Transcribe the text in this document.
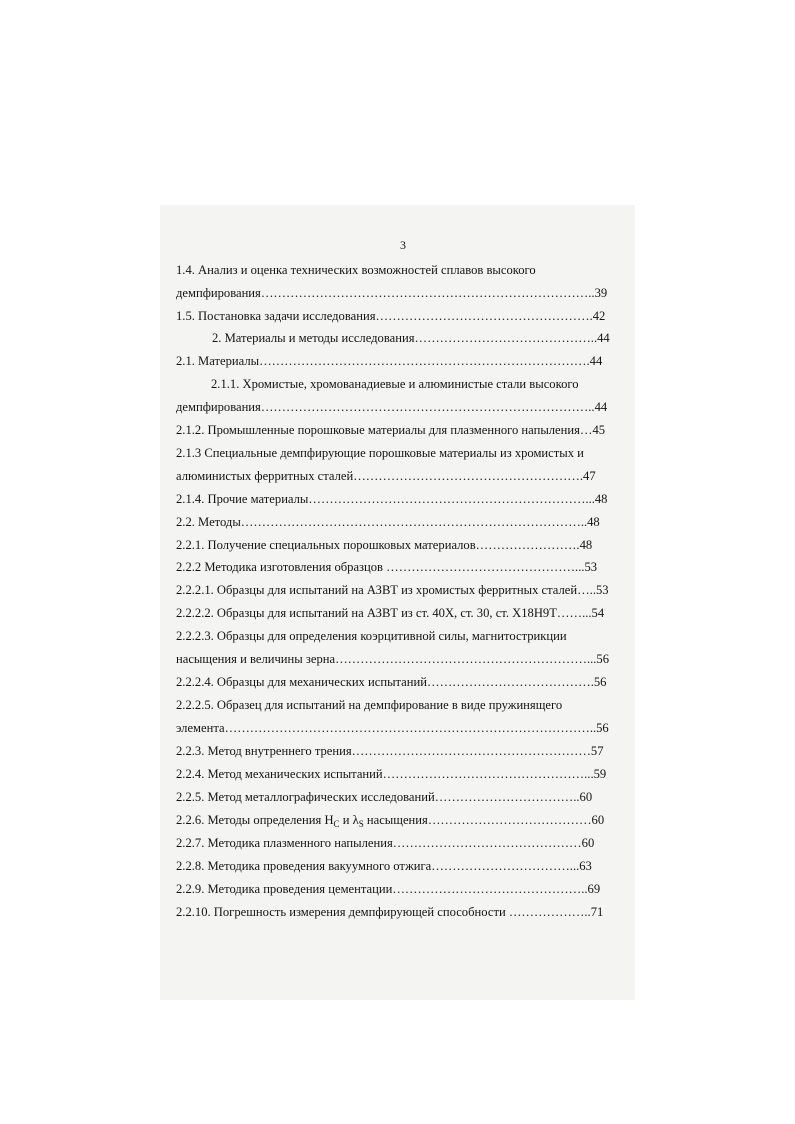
3
1.4. Анализ и оценка технических возможностей сплавов высокого
демпфирования……………………………………………………………………..39
1.5. Постановка задачи исследования…………………………………………….42
2. Материалы и методы исследования……………………………………..44
2.1. Материалы…………………………………………………………………….44
2.1.1. Хромистые, хромованадиевые и алюминистые стали высокого
демпфирования……………………………………………………………………..44
2.1.2. Промышленные порошковые материалы для плазменного напыления…45
2.1.3 Специальные демпфирующие порошковые материалы из хромистых и
алюминистых ферритных сталей……………………………………………….47
2.1.4. Прочие материалы…………………………………………………………...48
2.2. Методы………………………………………………………………………..48
2.2.1. Получение специальных порошковых материалов…………………….48
2.2.2 Методика изготовления образцов ………………………………………...53
2.2.2.1. Образцы для испытаний на АЗВТ из хромистых ферритных сталей…..53
2.2.2.2. Образцы для испытаний на АЗВТ из ст. 40Х, ст. 30, ст. Х18Н9Т……...54
2.2.2.3. Образцы для определения коэрцитивной силы, магнитострикции
насыщения и величины зерна……………………………………………………...56
2.2.2.4. Образцы для механических испытаний………………………………….56
2.2.2.5. Образец для испытаний на демпфирование в виде пружинящего
элемента……………………………………………………………………………..56
2.2.3. Метод внутреннего трения…………………………………………………57
2.2.4. Метод механических испытаний…………………………………………...59
2.2.5. Метод металлографических исследований……………………………..60
2.2.6. Методы определения $H_C$ и $\lambda_S$ насыщения…………………………………60
2.2.7. Методика плазменного напыления………………………………………60
2.2.8. Методика проведения вакуумного отжига……………………………...63
2.2.9. Методика проведения цементации………………………………………..69
2.2.10. Погрешность измерения демпфирующей способности ………………..71
